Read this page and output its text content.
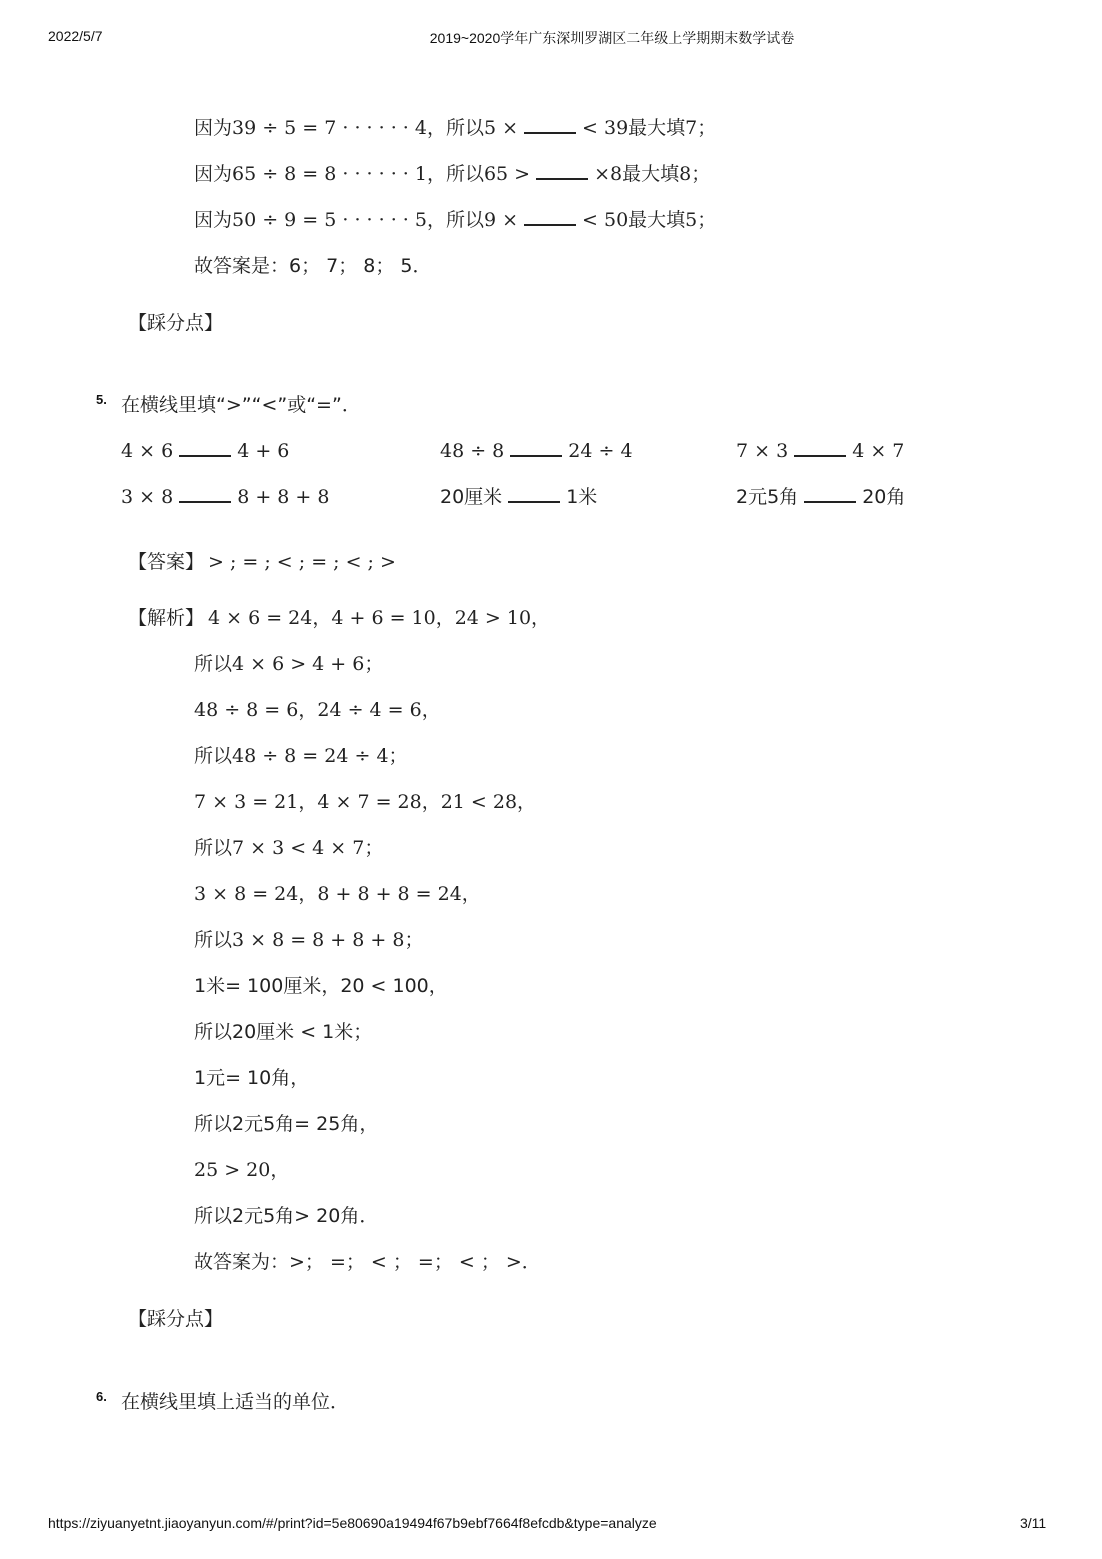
2022/5/7	2019~2020学年广东深圳罗湖区二年级上学期期末数学试卷
因为39 ÷ 5 = 7 · · · · · · 4，所以5 ×	< 39最大填7；
因为65 ÷ 8 = 8 · · · · · · 1，所以65 >	×8最大填8；
因为50 ÷ 9 = 5 · · · · · · 5，所以9 ×	< 50最大填5；
故答案是：6； 7； 8； 5．
【踩分点】
5. 在横线里填“>”“<”或“=”．
4 × 6	4 + 6	48 ÷ 8	24 ÷ 4	7 × 3	4 × 7
3 × 8	8 + 8 + 8	20厘米	1米	2元5角	20角
【答案】 > ; = ; < ; = ; < ; >
【解析】 4 × 6 = 24，4 + 6 = 10，24 > 10，
所以4 × 6 > 4 + 6；
48 ÷ 8 = 6，24 ÷ 4 = 6，
所以48 ÷ 8 = 24 ÷ 4；
7 × 3 = 21，4 × 7 = 28，21 < 28，
所以7 × 3 < 4 × 7；
3 × 8 = 24，8 + 8 + 8 = 24，
所以3 × 8 = 8 + 8 + 8；
1米= 100厘米，20 < 100，
所以20厘米 < 1米；
1元= 10角，
所以2元5角= 25角，
25 > 20，
所以2元5角> 20角．
故答案为：>； =； < ； =； < ； >．
【踩分点】
6. 在横线里填上适当的单位．
https://ziyuanyetnt.jiaoyanyun.com/#/print?id=5e80690a19494f67b9ebf7664f8efcdb&type=analyze	3/11
